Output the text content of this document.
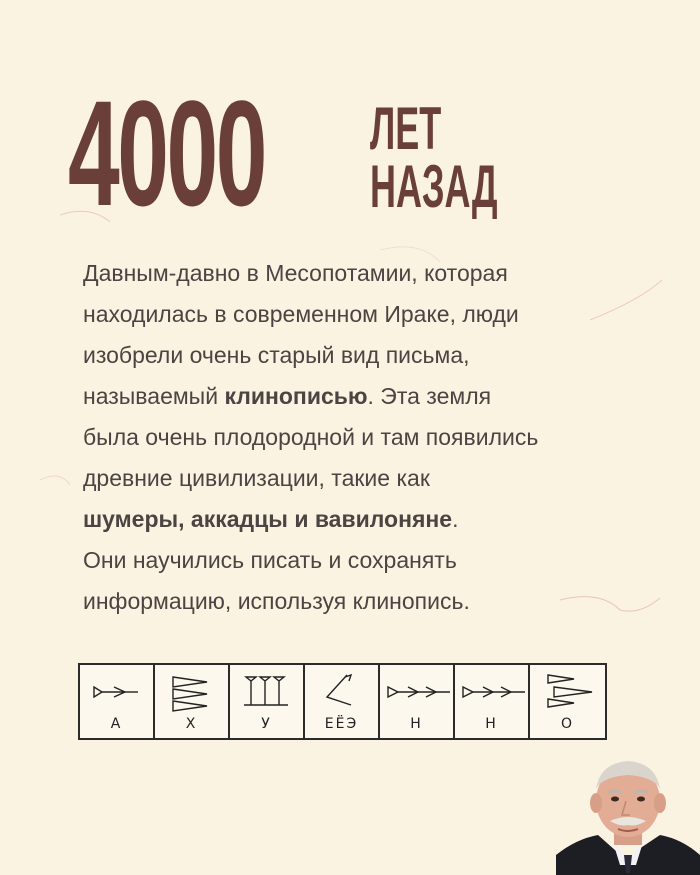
4000 ЛЕТ
НАЗАД

Давным-давно в Месопотамии, которая

находилась в современном Ираке, люди

изобрели очень старый вид письма,

называемый клинописью. Эта земля

была очень плодородной и там появились

древние цивилизации, такие как

шумеры, аккадцы и вавилоняне.

Они научились писать и сохранять

информацию, используя клинопись.

А	Х	У	ЕЁЭ	Н	Н	О
